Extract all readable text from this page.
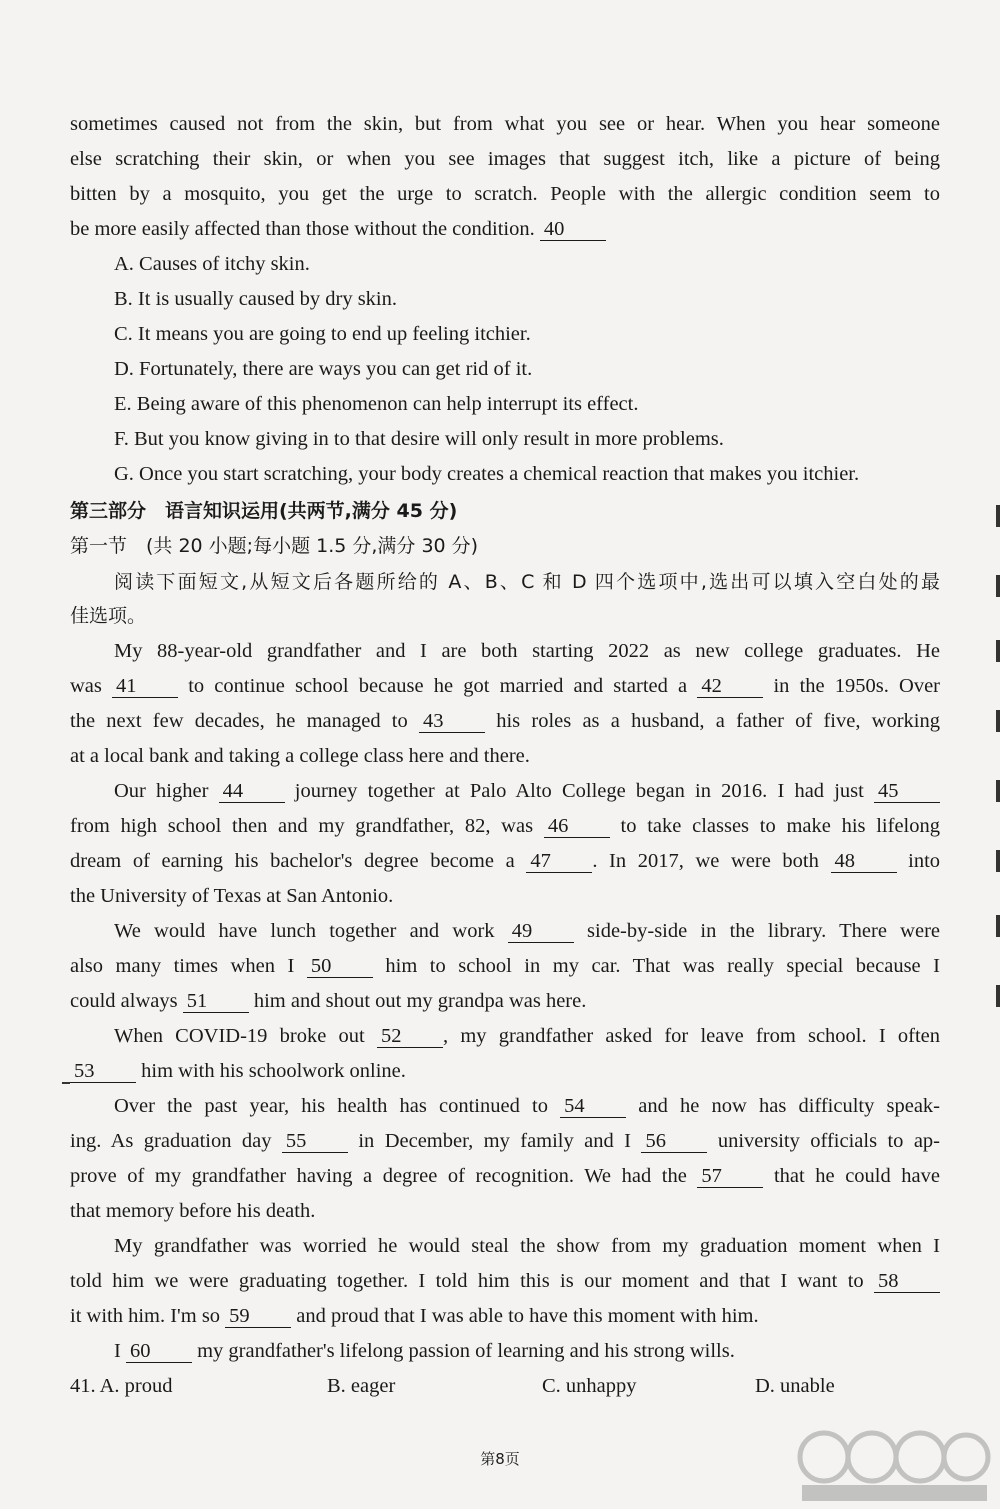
sometimes caused not from the skin, but from what you see or hear. When you hear someone
else scratching their skin, or when you see images that suggest itch, like a picture of being
bitten by a mosquito, you get the urge to scratch. People with the allergic condition seem to
be more easily affected than those without the condition. 40
A. Causes of itchy skin.
B. It is usually caused by dry skin.
C. It means you are going to end up feeling itchier.
D. Fortunately, there are ways you can get rid of it.
E. Being aware of this phenomenon can help interrupt its effect.
F. But you know giving in to that desire will only result in more problems.
G. Once you start scratching, your body creates a chemical reaction that makes you itchier.
第三部分　语言知识运用(共两节,满分 45 分)
第一节　(共 20 小题;每小题 1.5 分,满分 30 分)
阅读下面短文,从短文后各题所给的 A、B、C 和 D 四个选项中,选出可以填入空白处的最
佳选项。
My 88-year-old grandfather and I are both starting 2022 as new college graduates. He
was 41	to continue school because he got married and started a 42	in the 1950s. Over
the next few decades, he managed to 43	his roles as a husband, a father of five, working
at a local bank and taking a college class here and there.
Our higher 44	journey together at Palo Alto College began in 2016. I had just 45
from high school then and my grandfather, 82, was 46	to take classes to make his lifelong
dream of earning his bachelor's degree become a 47 . In 2017, we were both 48	into
the University of Texas at San Antonio.
We would have lunch together and work 49	side-by-side in the library. There were
also many times when I 50	him to school in my car. That was really special because I
could always 51 him and shout out my grandpa was here.
When COVID-19 broke out 52 , my grandfather asked for leave from school. I often
53 him with his schoolwork online.
Over the past year, his health has continued to 54	and he now has difficulty speak-
ing. As graduation day 55	in December, my family and I 56	university officials to ap-
prove of my grandfather having a degree of recognition. We had the 57	that he could have
that memory before his death.
My grandfather was worried he would steal the show from my graduation moment when I
told him we were graduating together. I told him this is our moment and that I want to 58
it with him. I'm so 59 and proud that I was able to have this moment with him.
I 60 my grandfather's lifelong passion of learning and his strong wills.
41. A. proud	B. eager	C. unhappy	D. unable
第8页
